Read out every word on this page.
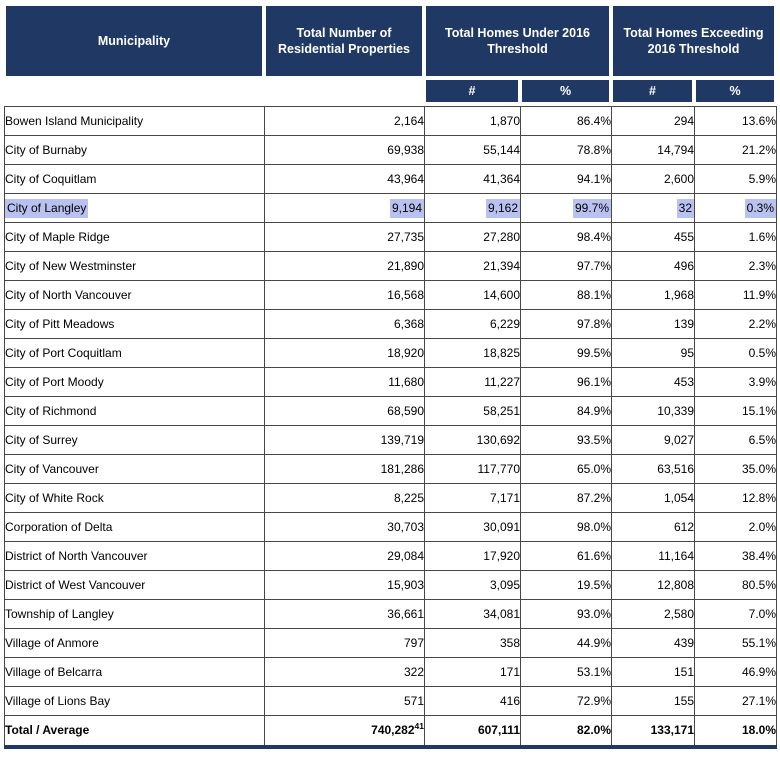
Municipality
Total Number of Residential Properties
Total Homes Under 2016 Threshold
Total Homes Exceeding 2016 Threshold
#	%	#	%
Bowen Island Municipality	2,164	1,870	86.4%	294	13.6%
City of Burnaby	69,938	55,144	78.8%	14,794	21.2%
City of Coquitlam	43,964	41,364	94.1%	2,600	5.9%
City of Langley	9,194	9,162	99.7%	32	0.3%
City of Maple Ridge	27,735	27,280	98.4%	455	1.6%
City of New Westminster	21,890	21,394	97.7%	496	2.3%
City of North Vancouver	16,568	14,600	88.1%	1,968	11.9%
City of Pitt Meadows	6,368	6,229	97.8%	139	2.2%
City of Port Coquitlam	18,920	18,825	99.5%	95	0.5%
City of Port Moody	11,680	11,227	96.1%	453	3.9%
City of Richmond	68,590	58,251	84.9%	10,339	15.1%
City of Surrey	139,719	130,692	93.5%	9,027	6.5%
City of Vancouver	181,286	117,770	65.0%	63,516	35.0%
City of White Rock	8,225	7,171	87.2%	1,054	12.8%
Corporation of Delta	30,703	30,091	98.0%	612	2.0%
District of North Vancouver	29,084	17,920	61.6%	11,164	38.4%
District of West Vancouver	15,903	3,095	19.5%	12,808	80.5%
Township of Langley	36,661	34,081	93.0%	2,580	7.0%
Village of Anmore	797	358	44.9%	439	55.1%
Village of Belcarra	322	171	53.1%	151	46.9%
Village of Lions Bay	571	416	72.9%	155	27.1%
Total / Average	740,282$^{41}$	607,111	82.0%	133,171	18.0%
